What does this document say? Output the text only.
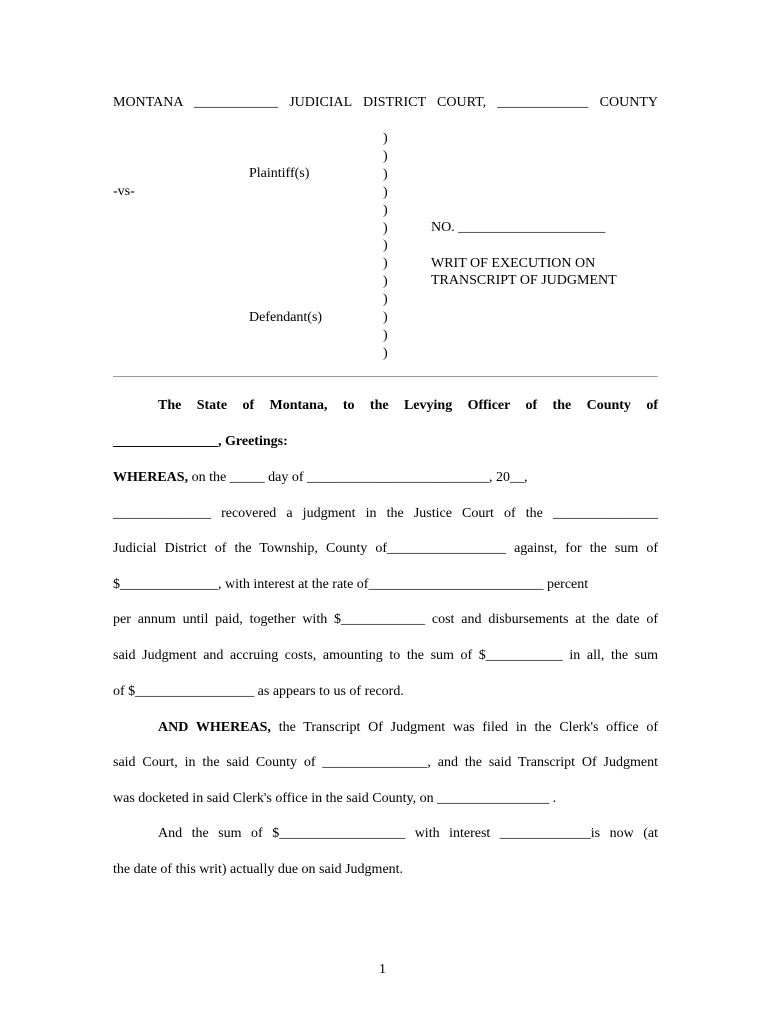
MONTANA ____________ JUDICIAL DISTRICT COURT, _____________ COUNTY
)
)
)
)
)
)
)
)
)
)
)
)
)
Plaintiff(s)
-vs-
Defendant(s)
NO. _____________________
WRIT OF EXECUTION ON
TRANSCRIPT OF JUDGMENT
The State of Montana, to the Levying Officer of the County of
_______________, Greetings:
WHEREAS, on the _____ day of __________________________, 20__,
______________ recovered a judgment in the Justice Court of the _______________
Judicial District of the Township, County of_________________ against, for the sum of
$______________, with interest at the rate of_________________________ percent
per annum until paid, together with $____________ cost and disbursements at the date of
said Judgment and accruing costs, amounting to the sum of $___________ in all, the sum
of $_________________ as appears to us of record.
AND WHEREAS, the Transcript Of Judgment was filed in the Clerk's office of
said Court, in the said County of _______________, and the said Transcript Of Judgment
was docketed in said Clerk's office in the said County, on ________________ .
And the sum of $__________________ with interest _____________is now (at
the date of this writ) actually due on said Judgment.
1
